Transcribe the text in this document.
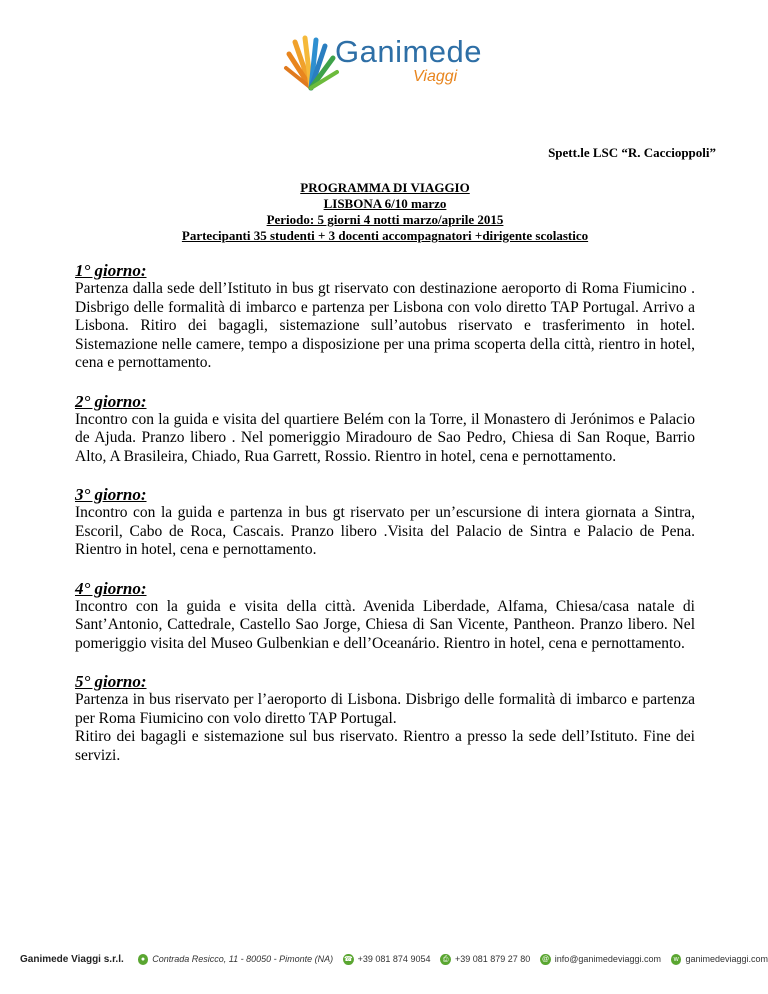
Ganimede
Viaggi
Spett.le LSC “R. Caccioppoli”
PROGRAMMA DI VIAGGIO
LISBONA 6/10 marzo
Periodo: 5 giorni 4 notti marzo/aprile 2015
Partecipanti 35 studenti + 3 docenti accompagnatori +dirigente scolastico
1° giorno:

Partenza dalla sede dell’Istituto in bus gt riservato con destinazione aeroporto di Roma Fiumicino . Disbrigo delle formalità di imbarco e partenza per Lisbona con volo diretto TAP Portugal. Arrivo a Lisbona. Ritiro dei bagagli, sistemazione sull’autobus riservato e trasferimento in hotel. Sistemazione nelle camere, tempo a disposizione per una prima scoperta della città, rientro in hotel, cena e pernottamento.

2° giorno:

Incontro con la guida e visita del quartiere Belém con la Torre, il Monastero di Jerónimos e Palacio de Ajuda. Pranzo libero . Nel pomeriggio Miradouro de Sao Pedro, Chiesa di San Roque, Barrio Alto, A Brasileira, Chiado, Rua Garrett, Rossio. Rientro in hotel, cena e pernottamento.

3° giorno:

Incontro con la guida e partenza in bus gt riservato per un’escursione di intera giornata a Sintra, Escoril, Cabo de Roca, Cascais. Pranzo libero .Visita del Palacio de Sintra e Palacio de Pena. Rientro in hotel, cena e pernottamento.

4° giorno:

Incontro con la guida e visita della città. Avenida Liberdade, Alfama, Chiesa/casa natale di Sant’Antonio, Cattedrale, Castello Sao Jorge, Chiesa di San Vicente, Pantheon. Pranzo libero. Nel pomeriggio visita del Museo Gulbenkian e dell’Oceanário. Rientro in hotel, cena e pernottamento.

5° giorno:

Partenza in bus riservato per l’aeroporto di Lisbona. Disbrigo delle formalità di imbarco e partenza per Roma Fiumicino con volo diretto TAP Portugal.

Ritiro dei bagagli e sistemazione sul bus riservato. Rientro a presso la sede dell’Istituto. Fine dei servizi.

Ganimede Viaggi s.r.l.	● Contrada Resicco, 11 - 80050 - Pimonte (NA) ☎ +39 081 874 9054	⎙ +39 081 879 27 80 @ info@ganimedeviaggi.com	w ganimedeviaggi.com
